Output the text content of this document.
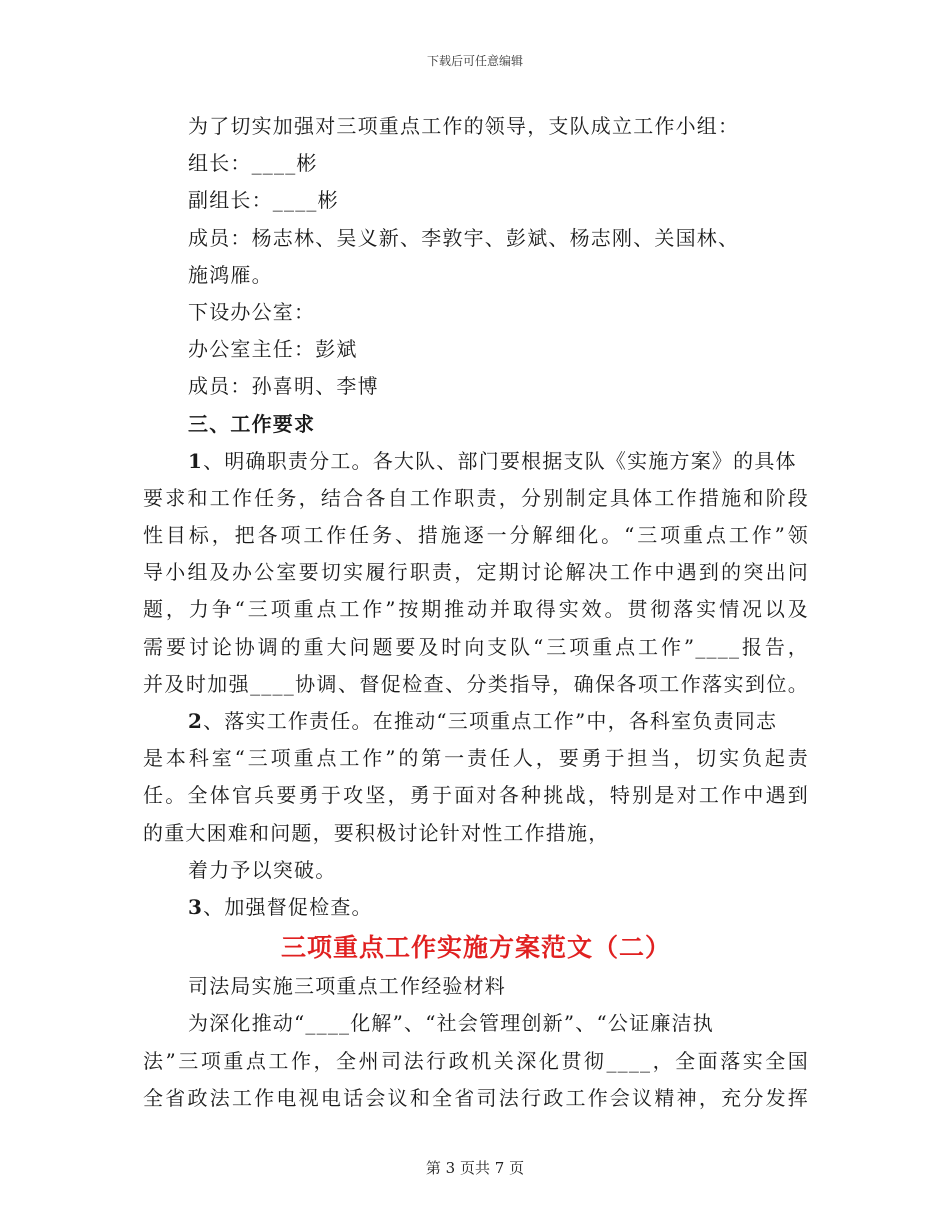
下载后可任意编辑
为了切实加强对三项重点工作的领导，支队成立工作小组：
组长：____彬
副组长：____彬
成员：杨志林、吴义新、李敦宇、彭斌、杨志刚、关国林、
施鸿雁。
下设办公室：
办公室主任：彭斌
成员：孙喜明、李博
三、工作要求
1、明确职责分工。各大队、部门要根据支队《实施方案》的具体
要求和工作任务，结合各自工作职责，分别制定具体工作措施和阶段
性目标，把各项工作任务、措施逐一分解细化。“三项重点工作”领
导小组及办公室要切实履行职责，定期讨论解决工作中遇到的突出问
题，力争“三项重点工作”按期推动并取得实效。贯彻落实情况以及
需要讨论协调的重大问题要及时向支队“三项重点工作”____报告，
并及时加强____协调、督促检查、分类指导，确保各项工作落实到位。
2、落实工作责任。在推动“三项重点工作”中，各科室负责同志
是本科室“三项重点工作”的第一责任人，要勇于担当，切实负起责
任。全体官兵要勇于攻坚，勇于面对各种挑战，特别是对工作中遇到
的重大困难和问题，要积极讨论针对性工作措施，
着力予以突破。
3、加强督促检查。
三项重点工作实施方案范文（二）
司法局实施三项重点工作经验材料
为深化推动“____化解”、“社会管理创新”、“公证廉洁执
法”三项重点工作，全州司法行政机关深化贯彻____，全面落实全国
全省政法工作电视电话会议和全省司法行政工作会议精神，充分发挥
第 3 页共 7 页
